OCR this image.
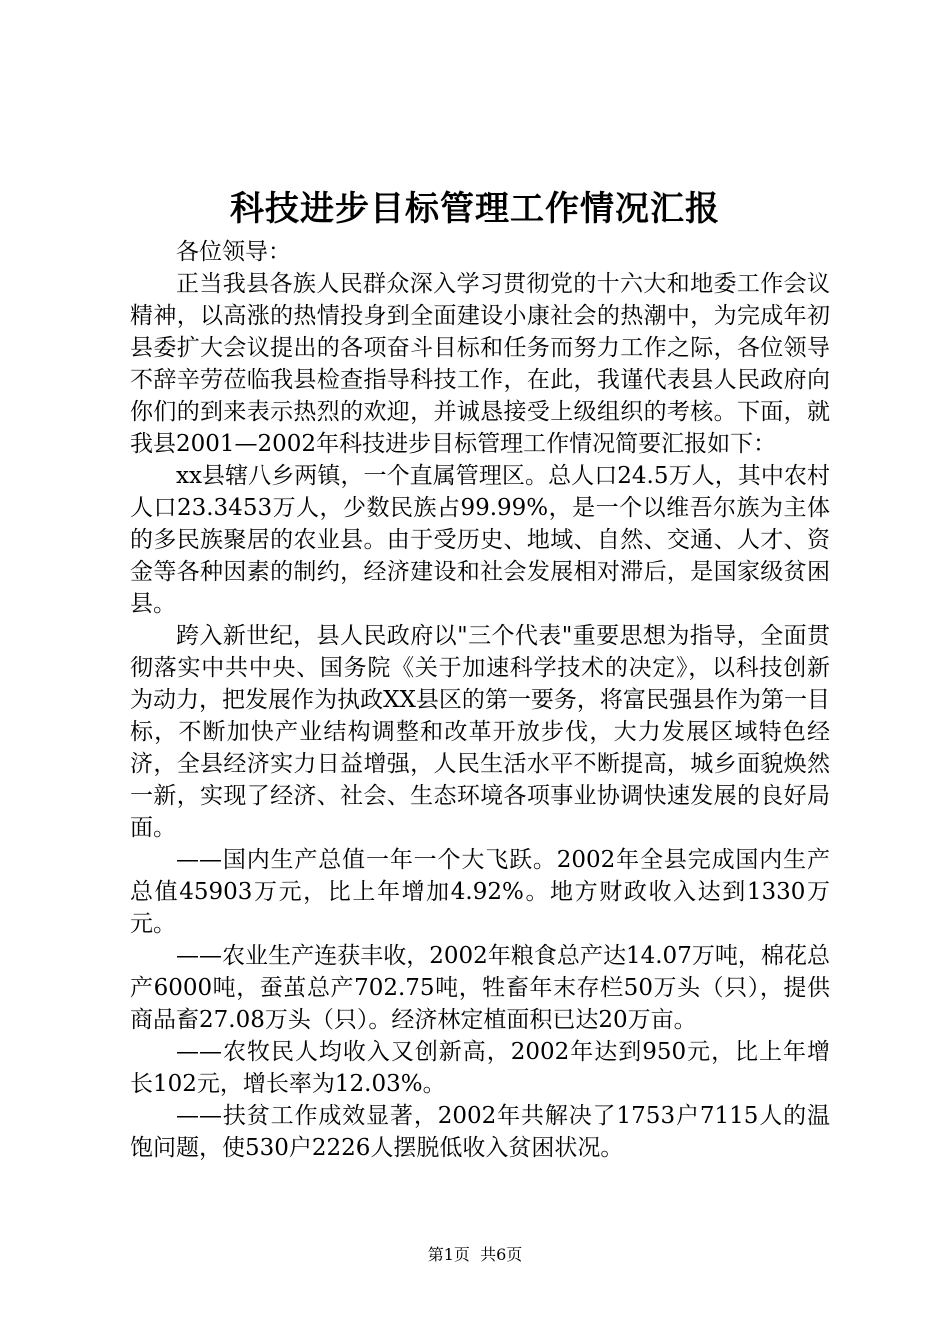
科技进步目标管理工作情况汇报

各位领导：

正当我县各族人民群众深入学习贯彻党的十六大和地委工作会议精神，以高涨的热情投身到全面建设小康社会的热潮中，为完成年初县委扩大会议提出的各项奋斗目标和任务而努力工作之际，各位领导不辞辛劳莅临我县检查指导科技工作，在此，我谨代表县人民政府向你们的到来表示热烈的欢迎，并诚恳接受上级组织的考核。下面，就我县2001—2002年科技进步目标管理工作情况简要汇报如下：

xx县辖八乡两镇，一个直属管理区。总人口24.5万人，其中农村人口23.3453万人，少数民族占99.99%，是一个以维吾尔族为主体的多民族聚居的农业县。由于受历史、地域、自然、交通、人才、资金等各种因素的制约，经济建设和社会发展相对滞后，是国家级贫困县。

跨入新世纪，县人民政府以"三个代表"重要思想为指导，全面贯彻落实中共中央、国务院《关于加速科学技术的决定》，以科技创新为动力，把发展作为执政XX县区的第一要务，将富民强县作为第一目标，不断加快产业结构调整和改革开放步伐，大力发展区域特色经济，全县经济实力日益增强，人民生活水平不断提高，城乡面貌焕然一新，实现了经济、社会、生态环境各项事业协调快速发展的良好局面。

——国内生产总值一年一个大飞跃。2002年全县完成国内生产总值45903万元，比上年增加4.92%。地方财政收入达到1330万元。

——农业生产连获丰收，2002年粮食总产达14.07万吨，棉花总产6000吨，蚕茧总产702.75吨，牲畜年末存栏50万头（只），提供商品畜27.08万头（只）。经济林定植面积已达20万亩。

——农牧民人均收入又创新高，2002年达到950元，比上年增长102元，增长率为12.03%。

——扶贫工作成效显著，2002年共解决了1753户7115人的温饱问题，使530户2226人摆脱低收入贫困状况。

第1页 共6页
